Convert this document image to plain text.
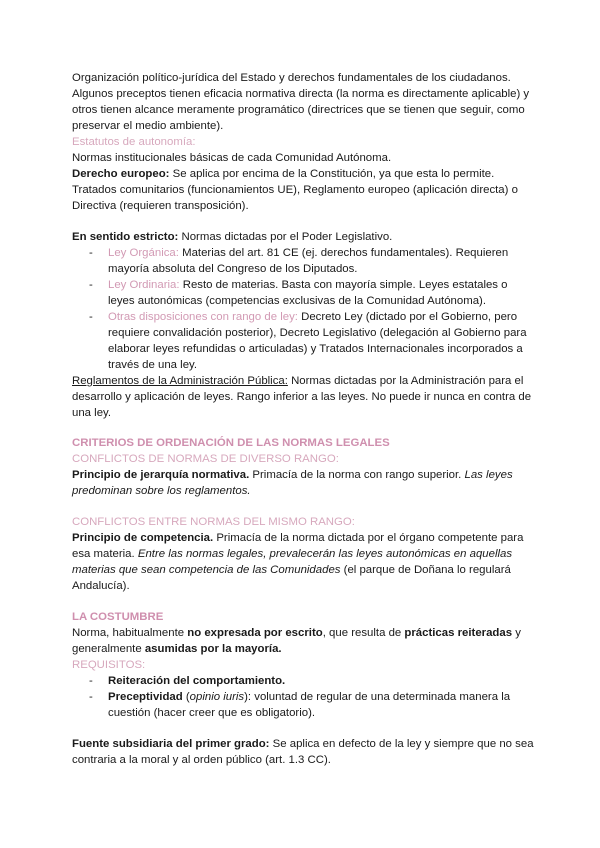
Organización político-jurídica del Estado y derechos fundamentales de los ciudadanos. Algunos preceptos tienen eficacia normativa directa (la norma es directamente aplicable) y otros tienen alcance meramente programático (directrices que se tienen que seguir, como preservar el medio ambiente).

Estatutos de autonomía:

Normas institucionales básicas de cada Comunidad Autónoma.

Derecho europeo: Se aplica por encima de la Constitución, ya que esta lo permite. Tratados comunitarios (funcionamientos UE), Reglamento europeo (aplicación directa) o Directiva (requieren transposición).

En sentido estricto: Normas dictadas por el Poder Legislativo.

- Ley Orgánica: Materias del art. 81 CE (ej. derechos fundamentales). Requieren mayoría absoluta del Congreso de los Diputados.
- Ley Ordinaria: Resto de materias. Basta con mayoría simple. Leyes estatales o leyes autonómicas (competencias exclusivas de la Comunidad Autónoma).
- Otras disposiciones con rango de ley: Decreto Ley (dictado por el Gobierno, pero requiere convalidación posterior), Decreto Legislativo (delegación al Gobierno para elaborar leyes refundidas o articuladas) y Tratados Internacionales incorporados a través de una ley.

Reglamentos de la Administración Pública: Normas dictadas por la Administración para el desarrollo y aplicación de leyes. Rango inferior a las leyes. No puede ir nunca en contra de una ley.

CRITERIOS DE ORDENACIÓN DE LAS NORMAS LEGALES

CONFLICTOS DE NORMAS DE DIVERSO RANGO:

Principio de jerarquía normativa. Primacía de la norma con rango superior. Las leyes predominan sobre los reglamentos.

CONFLICTOS ENTRE NORMAS DEL MISMO RANGO:

Principio de competencia. Primacía de la norma dictada por el órgano competente para esa materia. Entre las normas legales, prevalecerán las leyes autonómicas en aquellas materias que sean competencia de las Comunidades (el parque de Doñana lo regulará Andalucía).

LA COSTUMBRE

Norma, habitualmente no expresada por escrito, que resulta de prácticas reiteradas y generalmente asumidas por la mayoría.

REQUISITOS:

- Reiteración del comportamiento.
- Preceptividad (opinio iuris): voluntad de regular de una determinada manera la cuestión (hacer creer que es obligatorio).

Fuente subsidiaria del primer grado: Se aplica en defecto de la ley y siempre que no sea contraria a la moral y al orden público (art. 1.3 CC).
